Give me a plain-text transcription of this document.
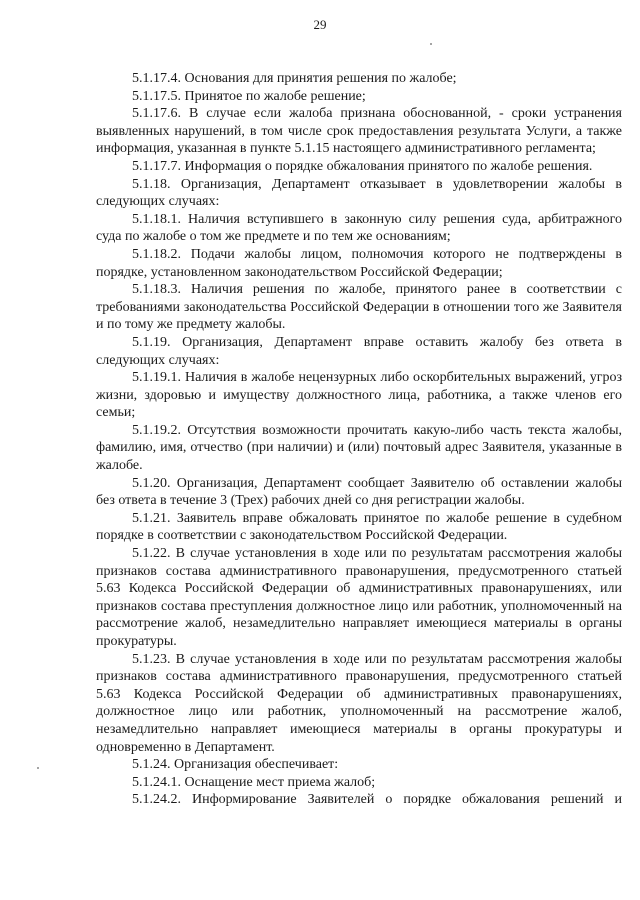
29

5.1.17.4. Основания для принятия решения по жалобе;

5.1.17.5. Принятое по жалобе решение;

5.1.17.6. В случае если жалоба признана обоснованной, - сроки устранения выявленных нарушений, в том числе срок предоставления результата Услуги, а также информация, указанная в пункте 5.1.15 настоящего административного регламента;

5.1.17.7. Информация о порядке обжалования принятого по жалобе решения.

5.1.18. Организация, Департамент отказывает в удовлетворении жалобы в следующих случаях:

5.1.18.1. Наличия вступившего в законную силу решения суда, арбитражного суда по жалобе о том же предмете и по тем же основаниям;

5.1.18.2. Подачи жалобы лицом, полномочия которого не подтверждены в порядке, установленном законодательством Российской Федерации;

5.1.18.3. Наличия решения по жалобе, принятого ранее в соответствии с требованиями законодательства Российской Федерации в отношении того же Заявителя и по тому же предмету жалобы.

5.1.19. Организация, Департамент вправе оставить жалобу без ответа в следующих случаях:

5.1.19.1. Наличия в жалобе нецензурных либо оскорбительных выражений, угроз жизни, здоровью и имуществу должностного лица, работника, а также членов его семьи;

5.1.19.2. Отсутствия возможности прочитать какую-либо часть текста жалобы, фамилию, имя, отчество (при наличии) и (или) почтовый адрес Заявителя, указанные в жалобе.

5.1.20. Организация, Департамент сообщает Заявителю об оставлении жалобы без ответа в течение 3 (Трех) рабочих дней со дня регистрации жалобы.

5.1.21. Заявитель вправе обжаловать принятое по жалобе решение в судебном порядке в соответствии с законодательством Российской Федерации.

5.1.22. В случае установления в ходе или по результатам рассмотрения жалобы признаков состава административного правонарушения, предусмотренного статьей 5.63 Кодекса Российской Федерации об административных правонарушениях, или признаков состава преступления должностное лицо или работник, уполномоченный на рассмотрение жалоб, незамедлительно направляет имеющиеся материалы в органы прокуратуры.

5.1.23. В случае установления в ходе или по результатам рассмотрения жалобы признаков состава административного правонарушения, предусмотренного статьей 5.63 Кодекса Российской Федерации об административных правонарушениях, должностное лицо или работник, уполномоченный на рассмотрение жалоб, незамедлительно направляет имеющиеся материалы в органы прокуратуры и одновременно в Департамент.

5.1.24. Организация обеспечивает:

5.1.24.1. Оснащение мест приема жалоб;

5.1.24.2. Информирование Заявителей о порядке обжалования решений и
